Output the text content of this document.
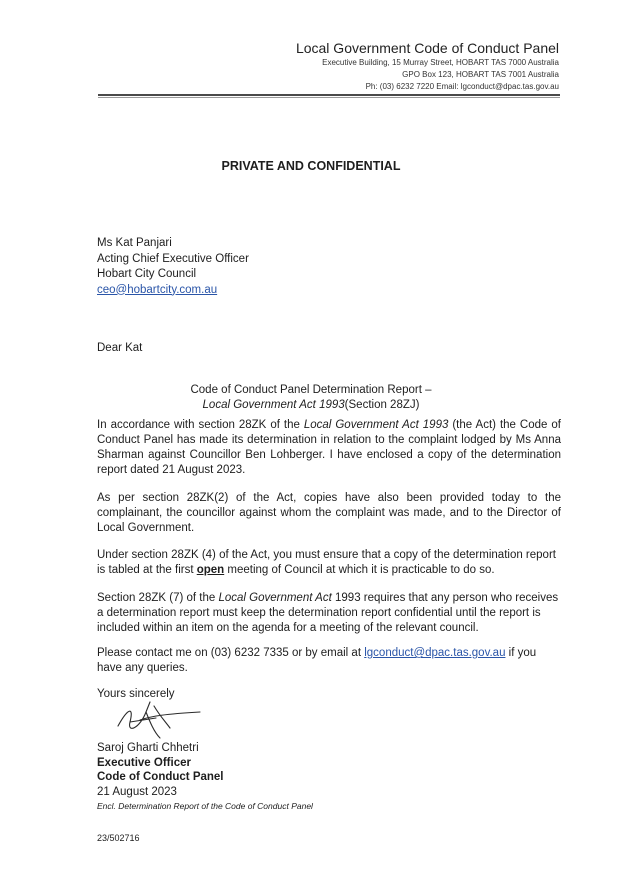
Local Government Code of Conduct Panel
Executive Building, 15 Murray Street, HOBART TAS 7000 Australia
GPO Box 123, HOBART TAS 7001 Australia
Ph: (03) 6232 7220 Email: lgconduct@dpac.tas.gov.au
PRIVATE AND CONFIDENTIAL
Ms Kat Panjari
Acting Chief Executive Officer
Hobart City Council
ceo@hobartcity.com.au
Dear Kat
Code of Conduct Panel Determination Report –
Local Government Act 1993(Section 28ZJ)
In accordance with section 28ZK of the Local Government Act 1993 (the Act) the Code of Conduct Panel has made its determination in relation to the complaint lodged by Ms Anna Sharman against Councillor Ben Lohberger. I have enclosed a copy of the determination report dated 21 August 2023.
As per section 28ZK(2) of the Act, copies have also been provided today to the complainant, the councillor against whom the complaint was made, and to the Director of Local Government.
Under section 28ZK (4) of the Act, you must ensure that a copy of the determination report is tabled at the first open meeting of Council at which it is practicable to do so.
Section 28ZK (7) of the Local Government Act 1993 requires that any person who receives a determination report must keep the determination report confidential until the report is included within an item on the agenda for a meeting of the relevant council.
Please contact me on (03) 6232 7335 or by email at lgconduct@dpac.tas.gov.au if you have any queries.
Yours sincerely
Saroj Gharti Chhetri
Executive Officer
Code of Conduct Panel
21 August 2023
Encl. Determination Report of the Code of Conduct Panel
23/502716
